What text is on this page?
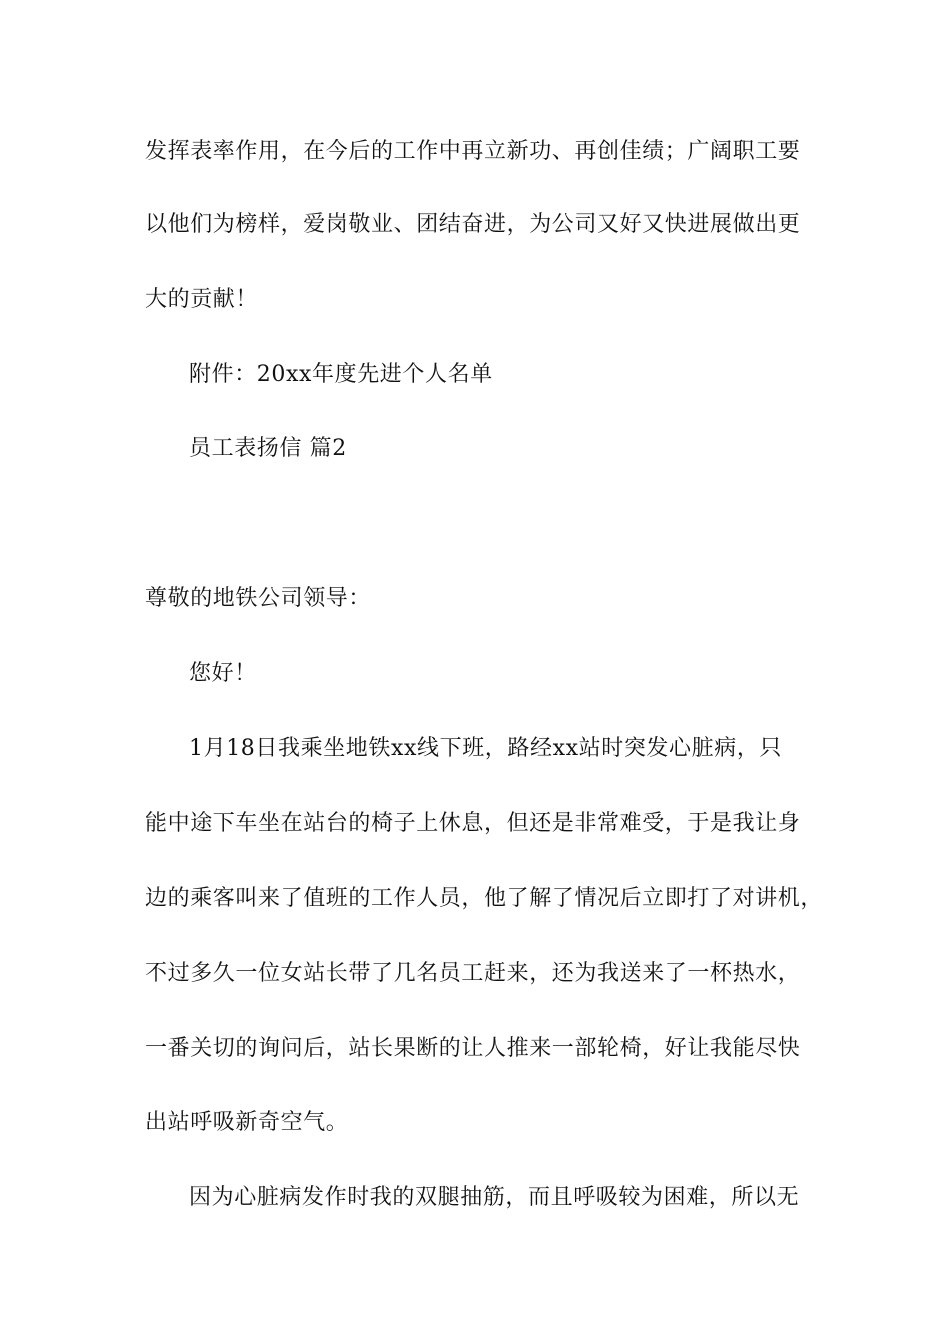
发挥表率作用，在今后的工作中再立新功、再创佳绩；广阔职工要
以他们为榜样，爱岗敬业、团结奋进，为公司又好又快进展做出更
大的贡献！
附件：20xx年度先进个人名单
员工表扬信 篇2
尊敬的地铁公司领导：
您好！
1月18日我乘坐地铁xx线下班，路经xx站时突发心脏病，只
能中途下车坐在站台的椅子上休息，但还是非常难受，于是我让身
边的乘客叫来了值班的工作人员，他了解了情况后立即打了对讲机，
不过多久一位女站长带了几名员工赶来，还为我送来了一杯热水，
一番关切的询问后，站长果断的让人推来一部轮椅，好让我能尽快
出站呼吸新奇空气。
因为心脏病发作时我的双腿抽筋，而且呼吸较为困难，所以无
